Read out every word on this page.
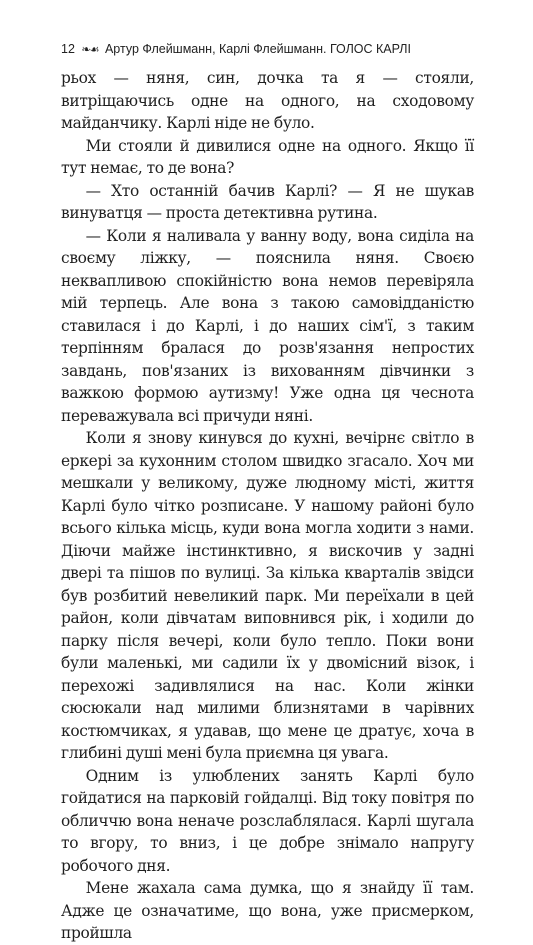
12 ❧☙ Артур Флейшманн, Карлі Флейшманн. ГОЛОС КАРЛІ

рьох — няня, син, дочка та я — стояли, витріщаючись одне на одного, на сходовому майданчику. Карлі ніде не було.

Ми стояли й дивилися одне на одного. Якщо її тут немає, то де вона?

— Хто останній бачив Карлі? — Я не шукав винуватця — проста детективна рутина.

— Коли я наливала у ванну воду, вона сиділа на своєму ліжку, — пояснила няня. Своєю неквапливою спокійністю вона немов перевіряла мій терпець. Але вона з такою самовідданістю ставилася і до Карлі, і до наших сім'ї, з таким терпінням бралася до розв'язання непростих завдань, пов'язаних із вихованням дівчинки з важкою формою аутизму! Уже одна ця чеснота переважувала всі причуди няні.

Коли я знову кинувся до кухні, вечірнє світло в еркері за кухонним столом швидко згасало. Хоч ми мешкали у великому, дуже людному місті, життя Карлі було чітко розписане. У нашому районі було всього кілька місць, куди вона могла ходити з нами. Діючи майже інстинктивно, я вискочив у задні двері та пішов по вулиці. За кілька кварталів звідси був розбитий невеликий парк. Ми переїхали в цей район, коли дівчатам виповнився рік, і ходили до парку після вечері, коли було тепло. Поки вони були маленькі, ми садили їх у двомісний візок, і перехожі задивлялися на нас. Коли жінки сюсюкали над милими близнятами в чарівних костюмчиках, я удавав, що мене це дратує, хоча в глибині душі мені була приємна ця увага.

Одним із улюблених занять Карлі було гойдатися на парковій гойдалці. Від току повітря по обличчю вона неначе розслаблялася. Карлі шугала то вгору, то вниз, і це добре знімало напругу робочого дня.

Мене жахала сама думка, що я знайду її там. Адже це означатиме, що вона, уже присмерком, пройшла
